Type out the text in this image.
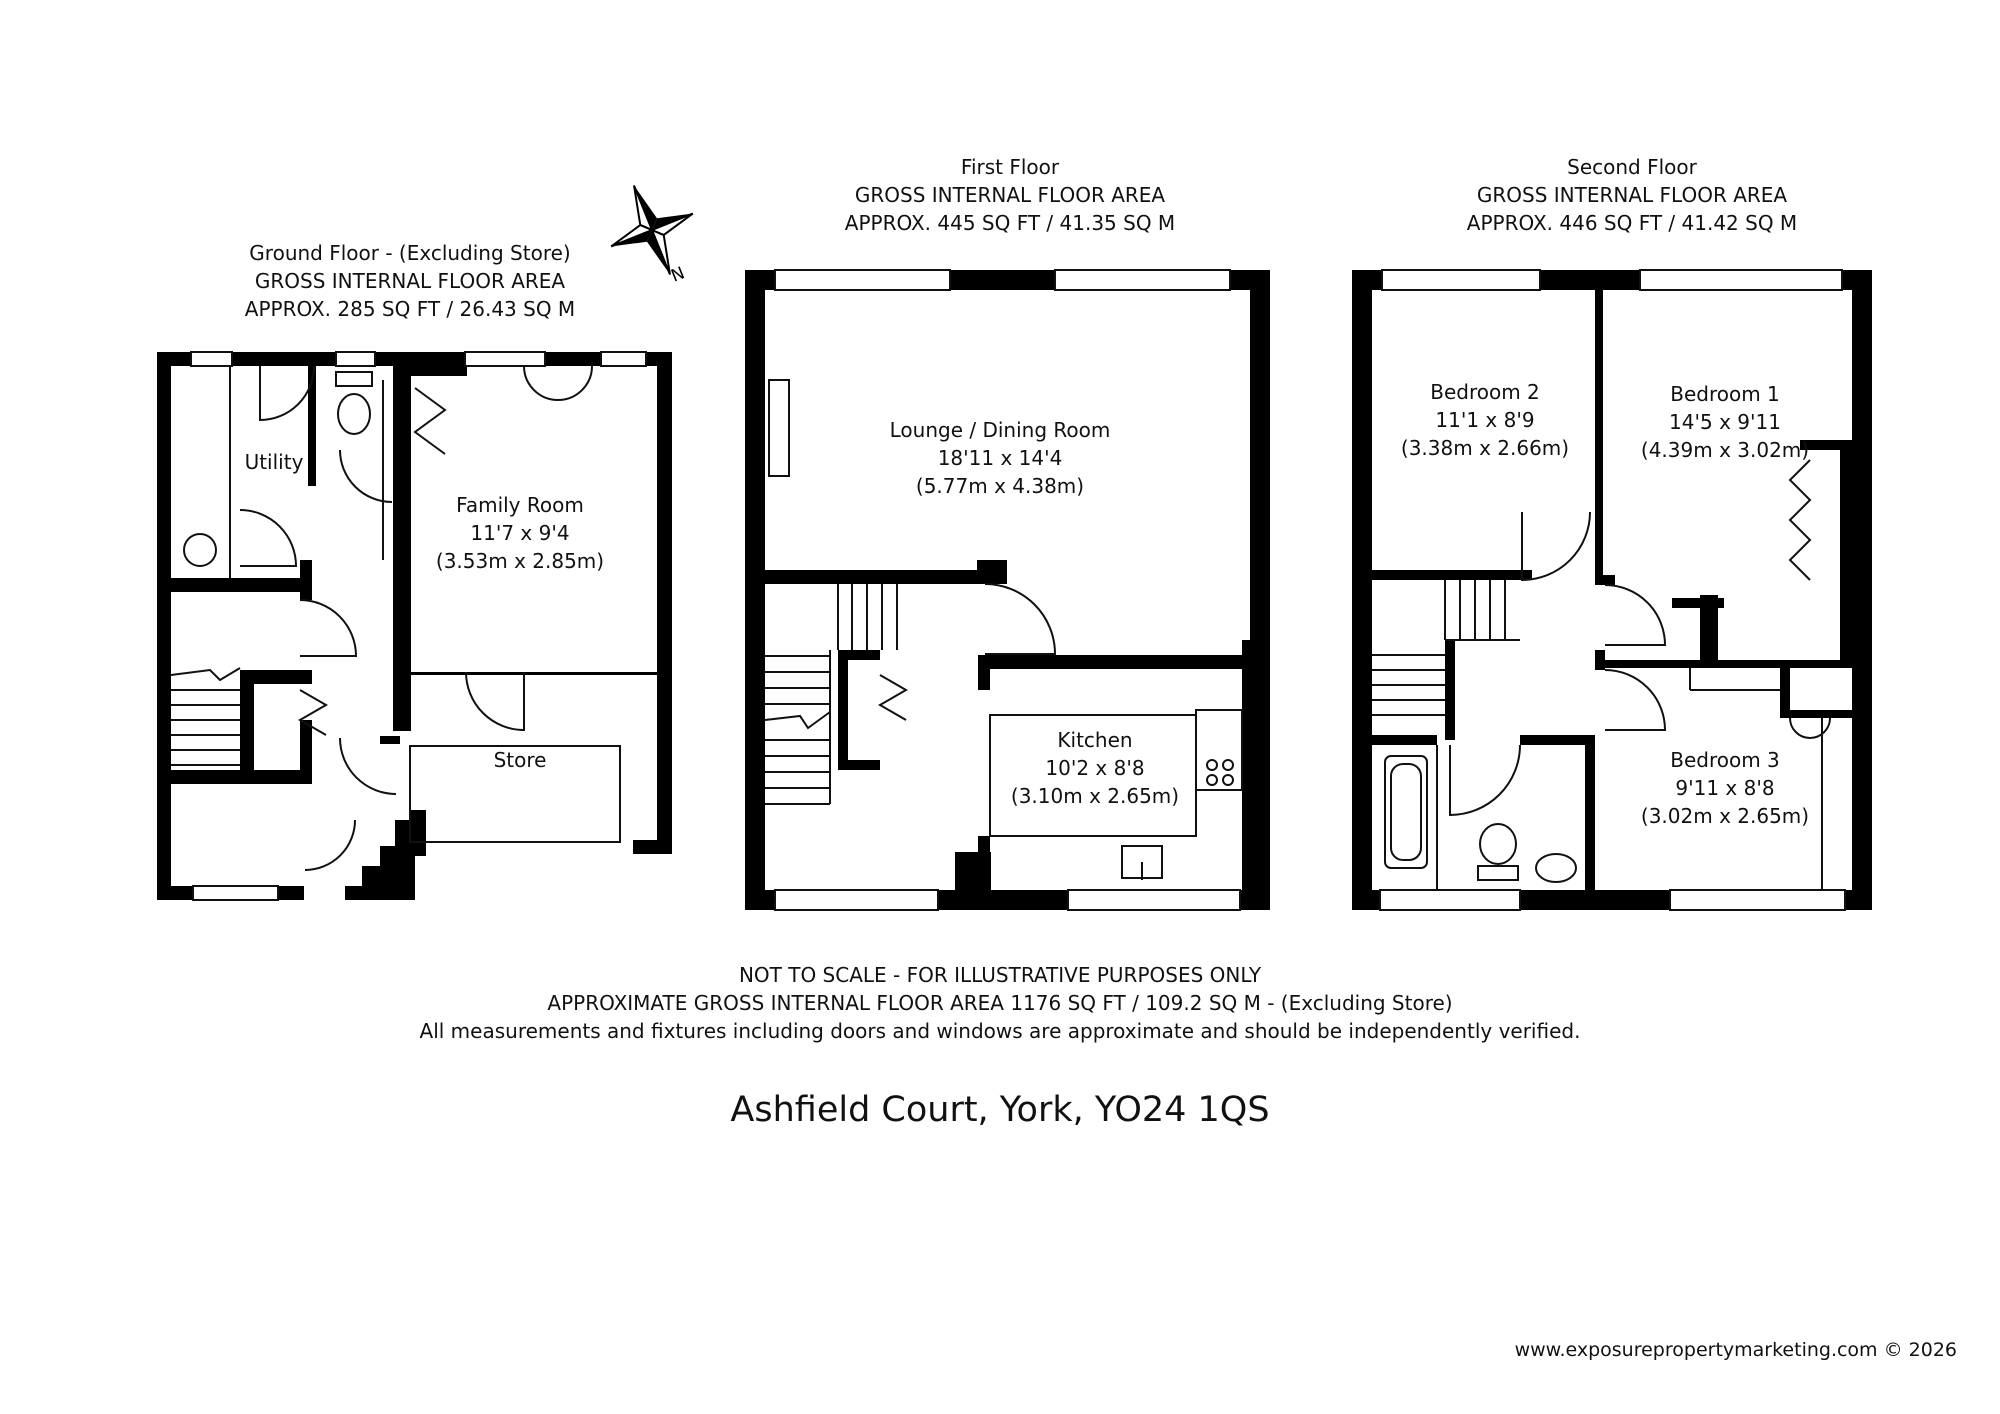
N
Ground Floor - (Excluding Store)
GROSS INTERNAL FLOOR AREA
APPROX. 285 SQ FT / 26.43 SQ M
First Floor
GROSS INTERNAL FLOOR AREA
APPROX. 445 SQ FT / 41.35 SQ M
Second Floor
GROSS INTERNAL FLOOR AREA
APPROX. 446 SQ FT / 41.42 SQ M
Utility
Family Room
11'7 x 9'4
(3.53m x 2.85m)
Store
Lounge / Dining Room
18'11 x 14'4
(5.77m x 4.38m)
Kitchen
10'2 x 8'8
(3.10m x 2.65m)
Bedroom 2
11'1 x 8'9
(3.38m x 2.66m)
Bedroom 1
14'5 x 9'11
(4.39m x 3.02m)
Bedroom 3
9'11 x 8'8
(3.02m x 2.65m)
NOT TO SCALE - FOR ILLUSTRATIVE PURPOSES ONLY
APPROXIMATE GROSS INTERNAL FLOOR AREA 1176 SQ FT / 109.2 SQ M - (Excluding Store)
All measurements and fixtures including doors and windows are approximate and should be independently verified.
Ashfield Court, York, YO24 1QS
www.exposurepropertymarketing.com © 2026
